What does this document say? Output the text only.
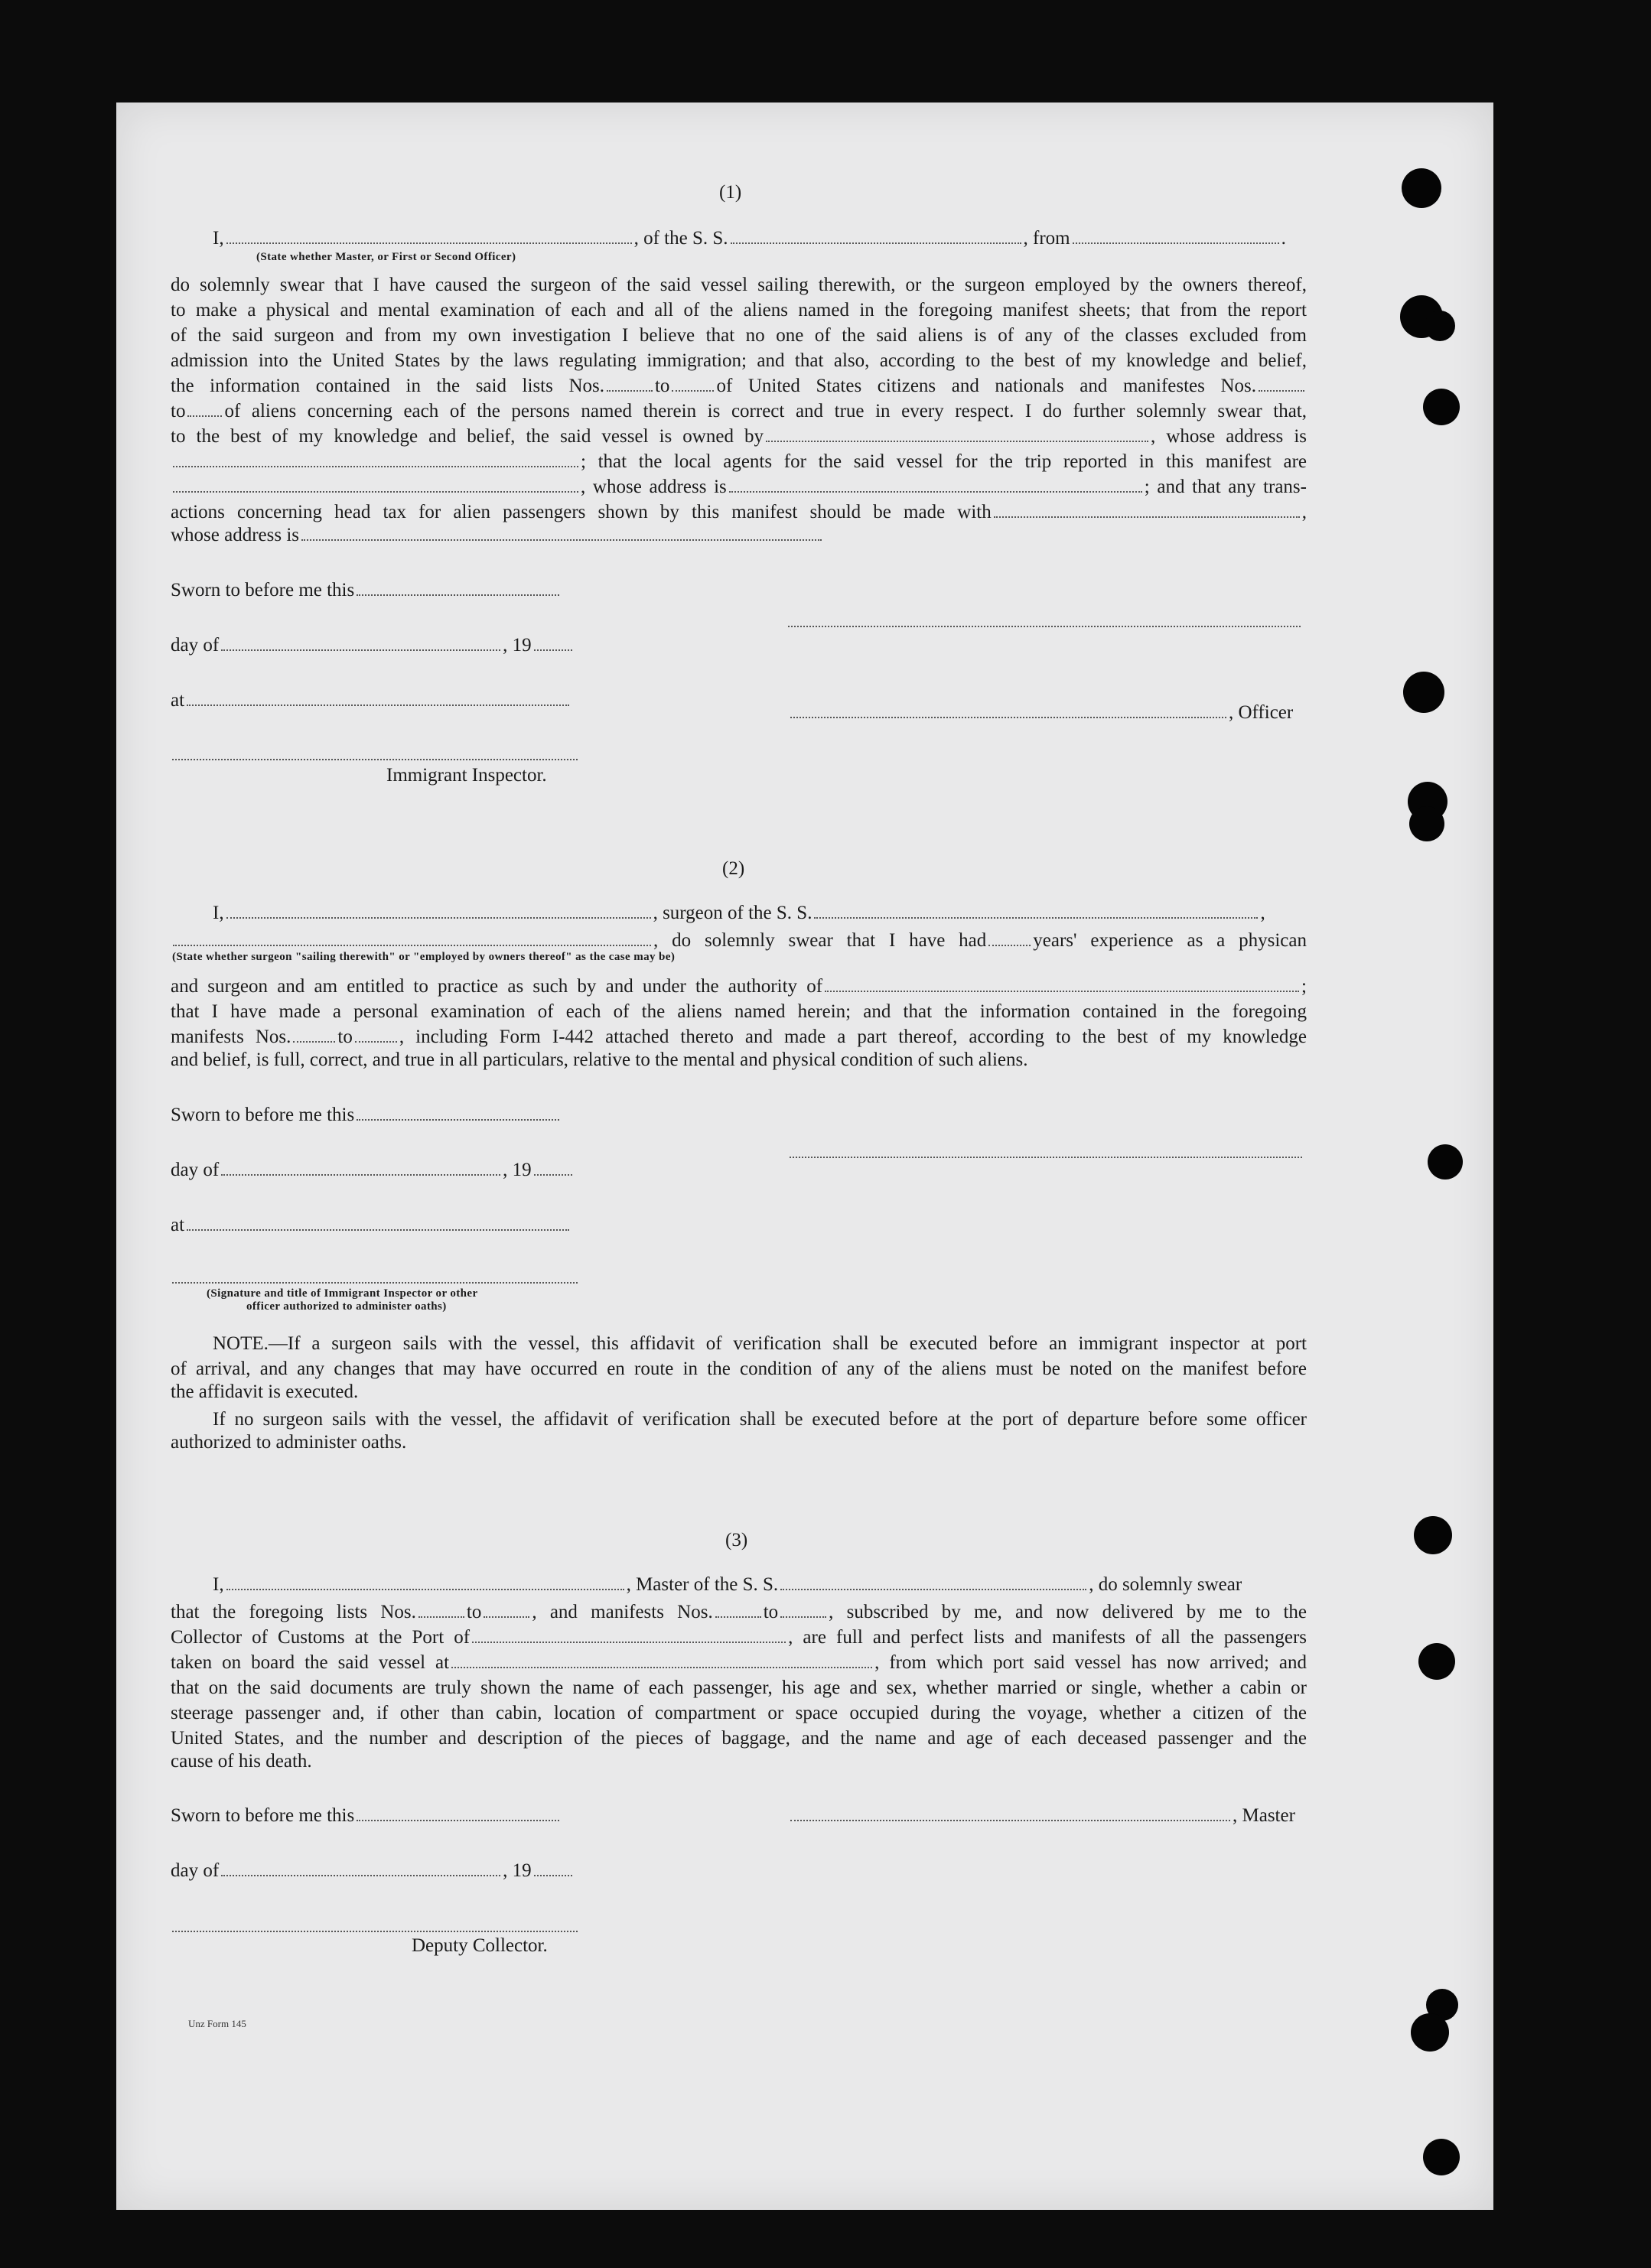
(1)
I,	, of the S. S.	, from	.
(State whether Master, or First or Second Officer)
do solemnly swear that I have caused the surgeon of the said vessel sailing therewith, or the surgeon employed by the owners thereof,
to make a physical and mental examination of each and all of the aliens named in the foregoing manifest sheets; that from the report
of the said surgeon and from my own investigation I believe that no one of the said aliens is of any of the classes excluded from
admission into the United States by the laws regulating immigration; and that also, according to the best of my knowledge and belief,
the information contained in the said lists Nos.	to of United States citizens and nationals and manifestes Nos.
to of aliens concerning each of the persons named therein is correct and true in every respect. I do further solemnly swear that,
to the best of my knowledge and belief, the said vessel is owned by	, whose address is
; that the local agents for the said vessel for the trip reported in this manifest are
, whose address is	; and that any trans-
actions concerning head tax for alien passengers shown by this manifest should be made with	,
whose address is
Sworn to before me this
day of	, 19
at
, Officer
Immigrant Inspector.
(2)
I,	, surgeon of the S. S.	,
, do solemnly swear that I have had years' experience as a physican
(State whether surgeon "sailing therewith" or "employed by owners thereof" as the case may be)
and surgeon and am entitled to practice as such by and under the authority of	;
that I have made a personal examination of each of the aliens named herein; and that the information contained in the foregoing
manifests Nos. to , including Form I-442 attached thereto and made a part thereof, according to the best of my knowledge
and belief, is full, correct, and true in all particulars, relative to the mental and physical condition of such aliens.
Sworn to before me this
day of	, 19
at
(Signature and title of Immigrant Inspector or other
officer authorized to administer oaths)
NOTE.—If a surgeon sails with the vessel, this affidavit of verification shall be executed before an immigrant inspector at port
of arrival, and any changes that may have occurred en route in the condition of any of the aliens must be noted on the manifest before
the affidavit is executed.
If no surgeon sails with the vessel, the affidavit of verification shall be executed before at the port of departure before some officer
authorized to administer oaths.
(3)
I,	, Master of the S. S.	, do solemnly swear
that the foregoing lists Nos.	to	, and manifests Nos.	to	, subscribed by me, and now delivered by me to the
Collector of Customs at the Port of	, are full and perfect lists and manifests of all the passengers
taken on board the said vessel at	, from which port said vessel has now arrived; and
that on the said documents are truly shown the name of each passenger, his age and sex, whether married or single, whether a cabin or
steerage passenger and, if other than cabin, location of compartment or space occupied during the voyage, whether a citizen of the
United States, and the number and description of the pieces of baggage, and the name and age of each deceased passenger and the
cause of his death.
Sworn to before me this	, Master
day of	, 19
Deputy Collector.
Unz Form 145
